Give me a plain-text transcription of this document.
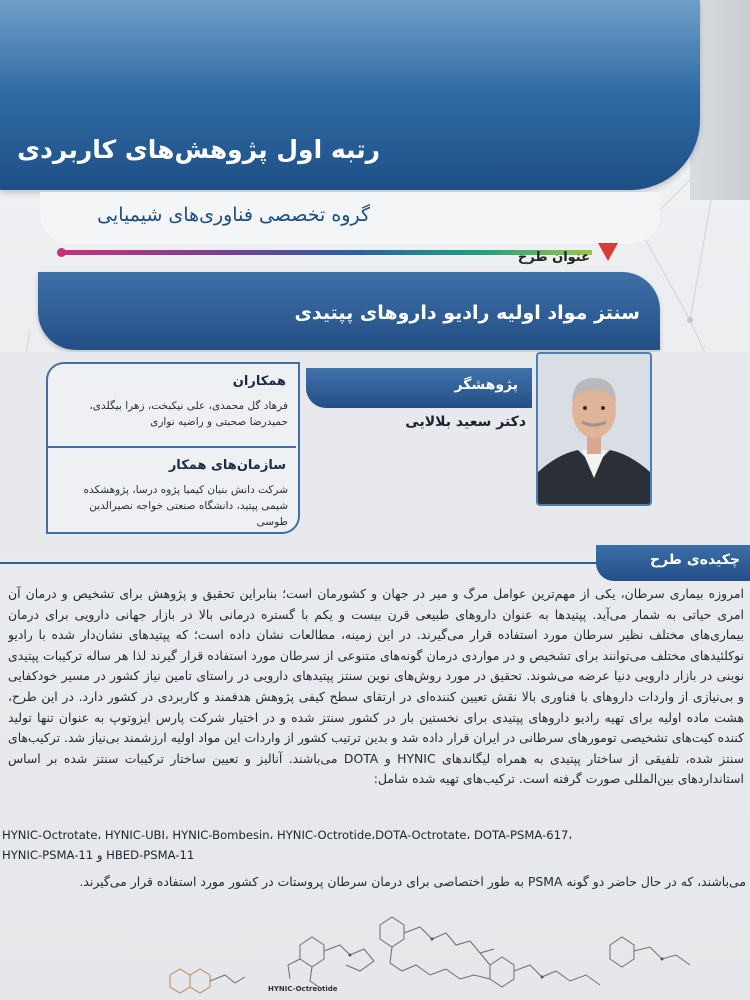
رتبه اول پژوهش‌های کاربردی
گروه تخصصی فناوری‌های شیمیایی
عنوان طرح
سنتز مواد اولیه رادیو داروهای پپتیدی
همکاران
فرهاد گل محمدی، علی نیکبخت، زهرا بیگلدی، حمیدرضا صحبتی و راضیه نواری
سازمان‌های همکار
شرکت دانش بنیان کیمیا پژوه درسا، پژوهشکده شیمی پپتید، دانشگاه صنعتی خواجه نصیرالدین طوسی
پژوهشگر
دکتر سعید بلالایی
چکیده‌ی طرح
امروزه بیماری سرطان، یکی از مهم‌ترین عوامل مرگ و میر در جهان و کشورمان است؛ بنابراین تحقیق و پژوهش برای تشخیص و درمان آن امری حیاتی به شمار می‌آید. پپتیدها به عنوان داروهای طبیعی قرن بیست و یکم با گستره درمانی بالا در بازار جهانی دارویی برای درمان بیماری‌های مختلف نظیر سرطان مورد استفاده قرار می‌گیرند. در این زمینه، مطالعات نشان داده است؛ که پپتیدهای نشان‌دار شده با رادیو نوکلئیدهای مختلف می‌توانند برای تشخیص و در مواردی درمان گونه‌های متنوعی از سرطان مورد استفاده قرار گیرند لذا هر ساله ترکیبات پپتیدی نوینی در بازار دارویی دنیا عرضه می‌شوند. تحقیق در مورد روش‌های نوین سنتز پپتیدهای دارویی در راستای تامین نیاز کشور در مسیر خودکفایی و بی‌نیازی از واردات داروهای با فناوری بالا نقش تعیین کننده‌ای در ارتقای سطح کیفی پژوهش هدفمند و کاربردی در کشور دارد. در این طرح، هشت ماده اولیه برای تهیه رادیو داروهای پپتیدی برای نخستین بار در کشور سنتز شده و در اختیار شرکت پارس ایزوتوپ به عنوان تنها تولید کننده کیت‌های تشخیصی تومورهای سرطانی در ایران قرار داده شد و بدین ترتیب کشور از واردات این مواد اولیه ارزشمند بی‌نیاز شد. ترکیب‌های سنتز شده، تلفیقی از ساختار پپتیدی به همراه لیگاندهای HYNIC و DOTA می‌باشند. آنالیز و تعیین ساختار ترکیبات سنتز شده بر اساس استانداردهای بین‌المللی صورت گرفته است. ترکیب‌های تهیه شده شامل:
HYNIC-Octrotate، HYNIC-UBI، HYNIC-Bombesin، HYNIC-Octrotide،DOTA-Octrotate، DOTA-PSMA-617،
HYNIC-PSMA-11 و HBED-PSMA-11
می‌باشند، که در حال حاضر دو گونه PSMA به طور اختصاصی برای درمان سرطان پروستات در کشور مورد استفاده قرار می‌گیرند.
HYNIC-Octreotide
